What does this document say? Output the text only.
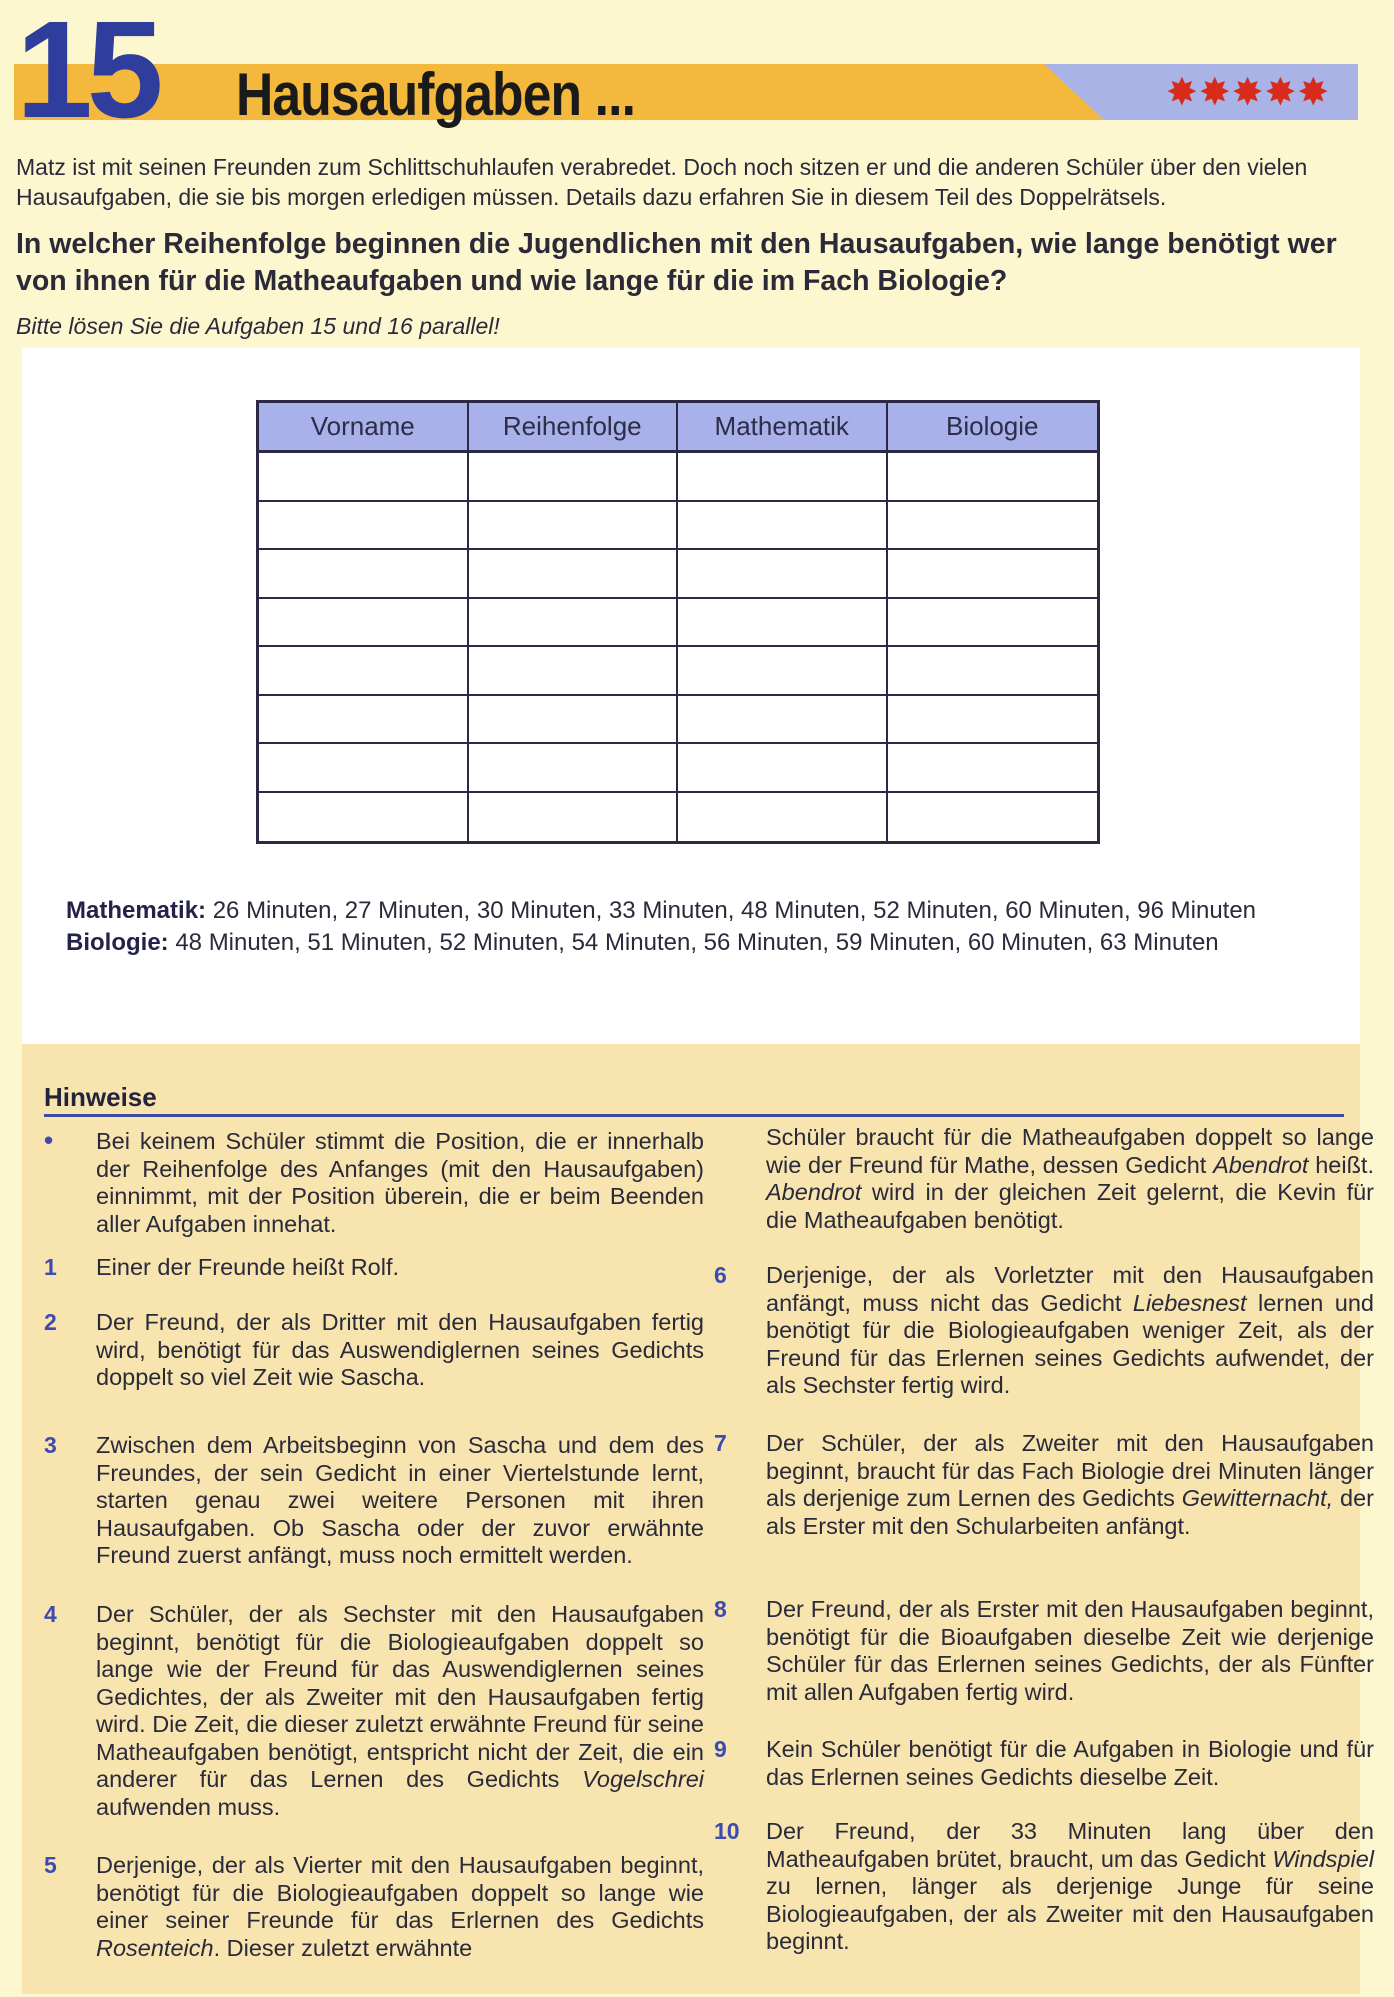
15 Hausaufgaben ...	✸✸✸✸✸
Matz ist mit seinen Freunden zum Schlittschuhlaufen verabredet. Doch noch sitzen er und die anderen Schüler über den vielen Hausaufgaben, die sie bis morgen erledigen müssen. Details dazu erfahren Sie in diesem Teil des Doppelrätsels.
In welcher Reihenfolge beginnen die Jugendlichen mit den Hausaufgaben, wie lange benötigt wer von ihnen für die Matheaufgaben und wie lange für die im Fach Biologie?
Bitte lösen Sie die Aufgaben 15 und 16 parallel!
Vorname	Reihenfolge	Mathematik	Biologie
Mathematik: 26 Minuten, 27 Minuten, 30 Minuten, 33 Minuten, 48 Minuten, 52 Minuten, 60 Minuten, 96 Minuten
Biologie: 48 Minuten, 51 Minuten, 52 Minuten, 54 Minuten, 56 Minuten, 59 Minuten, 60 Minuten, 63 Minuten
Hinweise
•	Bei keinem Schüler stimmt die Position, die er innerhalb der Reihenfolge des Anfanges (mit den Hausaufgaben) einnimmt, mit der Position überein, die er beim Beenden aller Aufgaben innehat.
1	Einer der Freunde heißt Rolf.
2	Der Freund, der als Dritter mit den Hausaufgaben fertig wird, benötigt für das Auswendiglernen seines Gedichts doppelt so viel Zeit wie Sascha.
3	Zwischen dem Arbeitsbeginn von Sascha und dem des Freundes, der sein Gedicht in einer Viertelstunde lernt, starten genau zwei weitere Personen mit ihren Hausaufgaben. Ob Sascha oder der zuvor erwähnte Freund zuerst anfängt, muss noch ermittelt werden.
4	Der Schüler, der als Sechster mit den Hausaufgaben beginnt, benötigt für die Biologieaufgaben doppelt so lange wie der Freund für das Auswendiglernen seines Gedichtes, der als Zweiter mit den Hausaufgaben fertig wird. Die Zeit, die dieser zuletzt erwähnte Freund für seine Matheaufgaben benötigt, entspricht nicht der Zeit, die ein anderer für das Lernen des Gedichts Vogelschrei aufwenden muss.
5	Derjenige, der als Vierter mit den Hausaufgaben beginnt, benötigt für die Biologieaufgaben doppelt so lange wie einer seiner Freunde für das Erlernen des Gedichts Rosenteich. Dieser zuletzt erwähnte
Schüler braucht für die Matheaufgaben doppelt so lange wie der Freund für Mathe, dessen Gedicht Abendrot heißt. Abendrot wird in der gleichen Zeit gelernt, die Kevin für die Matheaufgaben benötigt.
6	Derjenige, der als Vorletzter mit den Hausaufgaben anfängt, muss nicht das Gedicht Liebesnest lernen und benötigt für die Biologieaufgaben weniger Zeit, als der Freund für das Erlernen seines Gedichts aufwendet, der als Sechster fertig wird.
7	Der Schüler, der als Zweiter mit den Hausaufgaben beginnt, braucht für das Fach Biologie drei Minuten länger als derjenige zum Lernen des Gedichts Gewitternacht, der als Erster mit den Schularbeiten anfängt.
8	Der Freund, der als Erster mit den Hausaufgaben beginnt, benötigt für die Bioaufgaben dieselbe Zeit wie derjenige Schüler für das Erlernen seines Gedichts, der als Fünfter mit allen Aufgaben fertig wird.
9	Kein Schüler benötigt für die Aufgaben in Biologie und für das Erlernen seines Gedichts dieselbe Zeit.
10	Der Freund, der 33 Minuten lang über den Matheaufgaben brütet, braucht, um das Gedicht Windspiel zu lernen, länger als derjenige Junge für seine Biologieaufgaben, der als Zweiter mit den Hausaufgaben beginnt.
